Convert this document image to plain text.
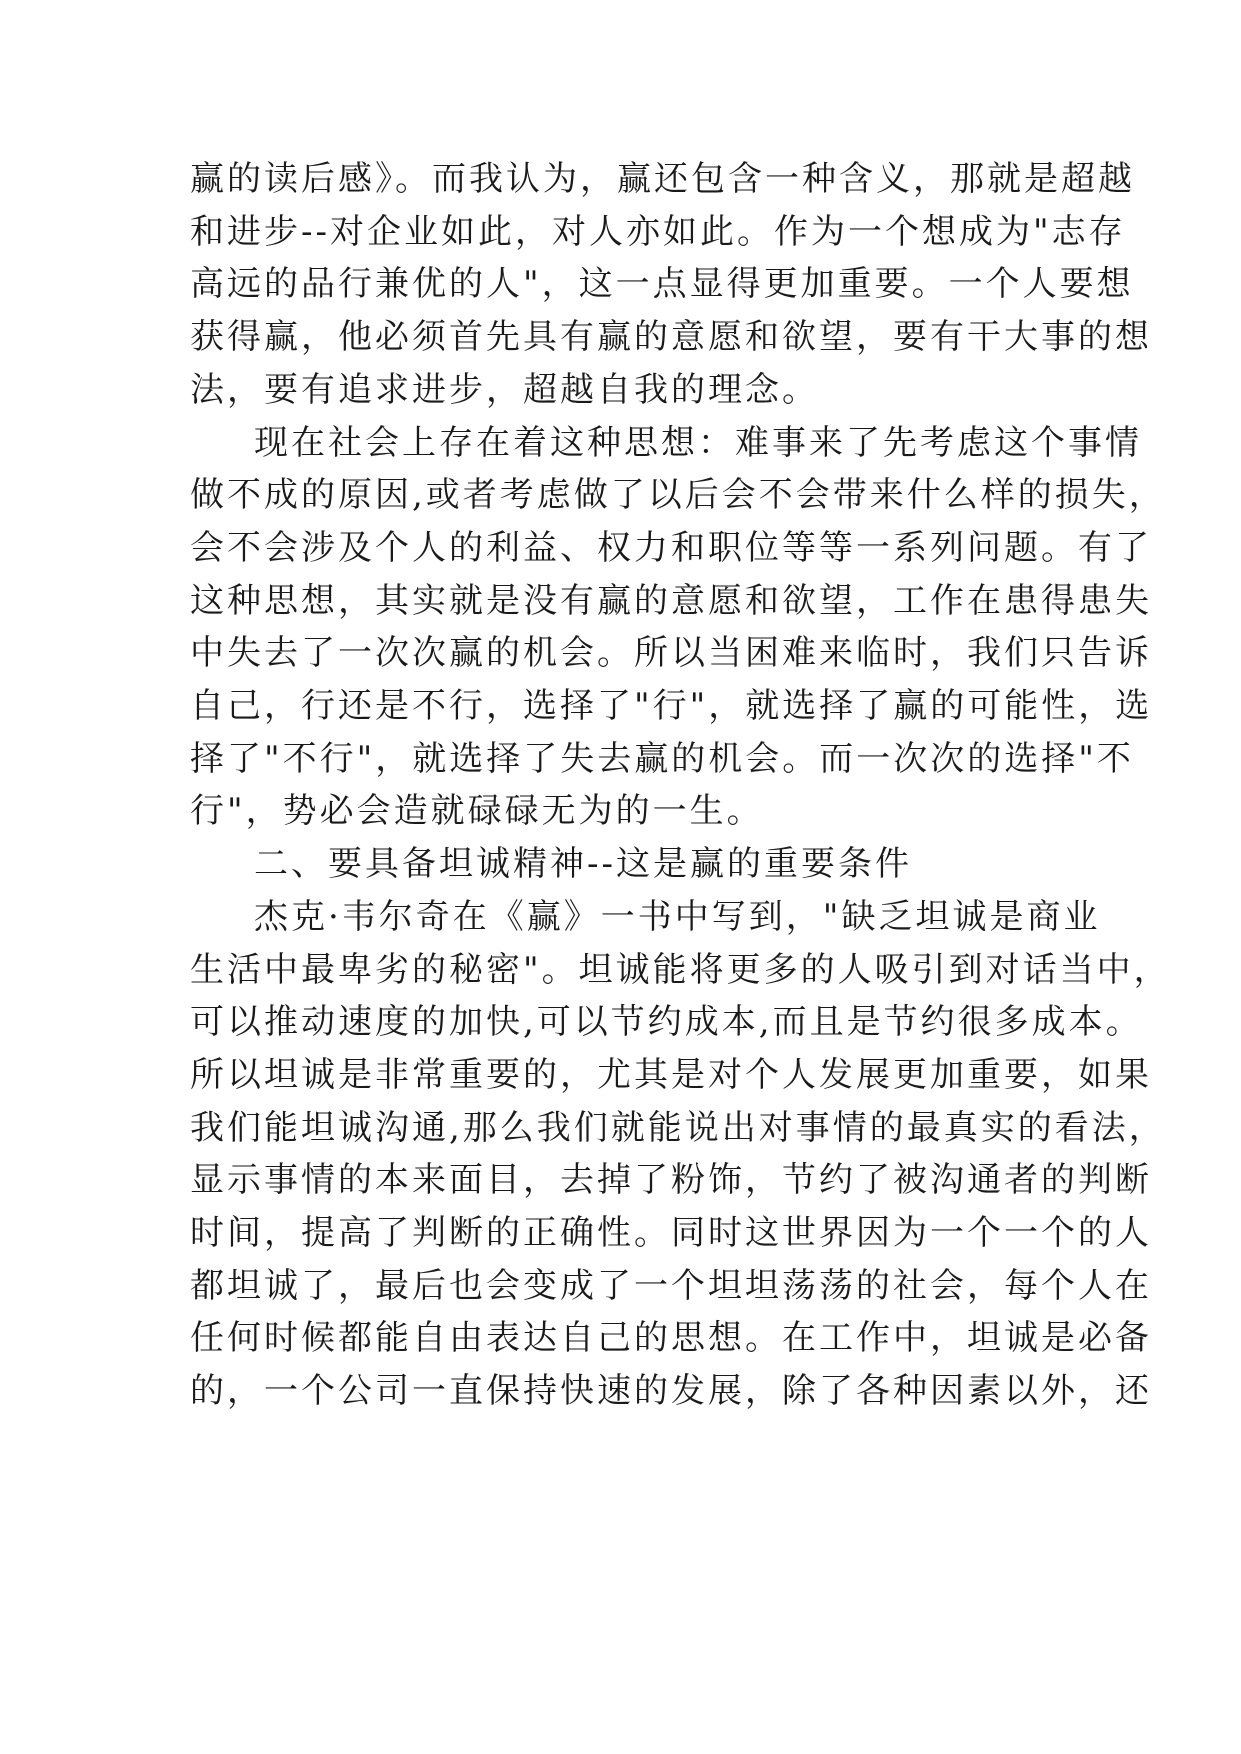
赢的读后感》。而我认为，赢还包含一种含义，那就是超越
和进步--对企业如此，对人亦如此。作为一个想成为"志存
高远的品行兼优的人"，这一点显得更加重要。一个人要想
获得赢，他必须首先具有赢的意愿和欲望，要有干大事的想
法，要有追求进步，超越自我的理念。
现在社会上存在着这种思想：难事来了先考虑这个事情
做不成的原因,或者考虑做了以后会不会带来什么样的损失，
会不会涉及个人的利益、权力和职位等等一系列问题。有了
这种思想，其实就是没有赢的意愿和欲望，工作在患得患失
中失去了一次次赢的机会。所以当困难来临时，我们只告诉
自己，行还是不行，选择了"行"，就选择了赢的可能性，选
择了"不行"，就选择了失去赢的机会。而一次次的选择"不
行"，势必会造就碌碌无为的一生。
二、要具备坦诚精神--这是赢的重要条件
杰克·韦尔奇在《赢》一书中写到，"缺乏坦诚是商业
生活中最卑劣的秘密"。坦诚能将更多的人吸引到对话当中，
可以推动速度的加快,可以节约成本,而且是节约很多成本。
所以坦诚是非常重要的，尤其是对个人发展更加重要，如果
我们能坦诚沟通,那么我们就能说出对事情的最真实的看法，
显示事情的本来面目，去掉了粉饰，节约了被沟通者的判断
时间，提高了判断的正确性。同时这世界因为一个一个的人
都坦诚了，最后也会变成了一个坦坦荡荡的社会，每个人在
任何时候都能自由表达自己的思想。在工作中，坦诚是必备
的，一个公司一直保持快速的发展，除了各种因素以外，还
